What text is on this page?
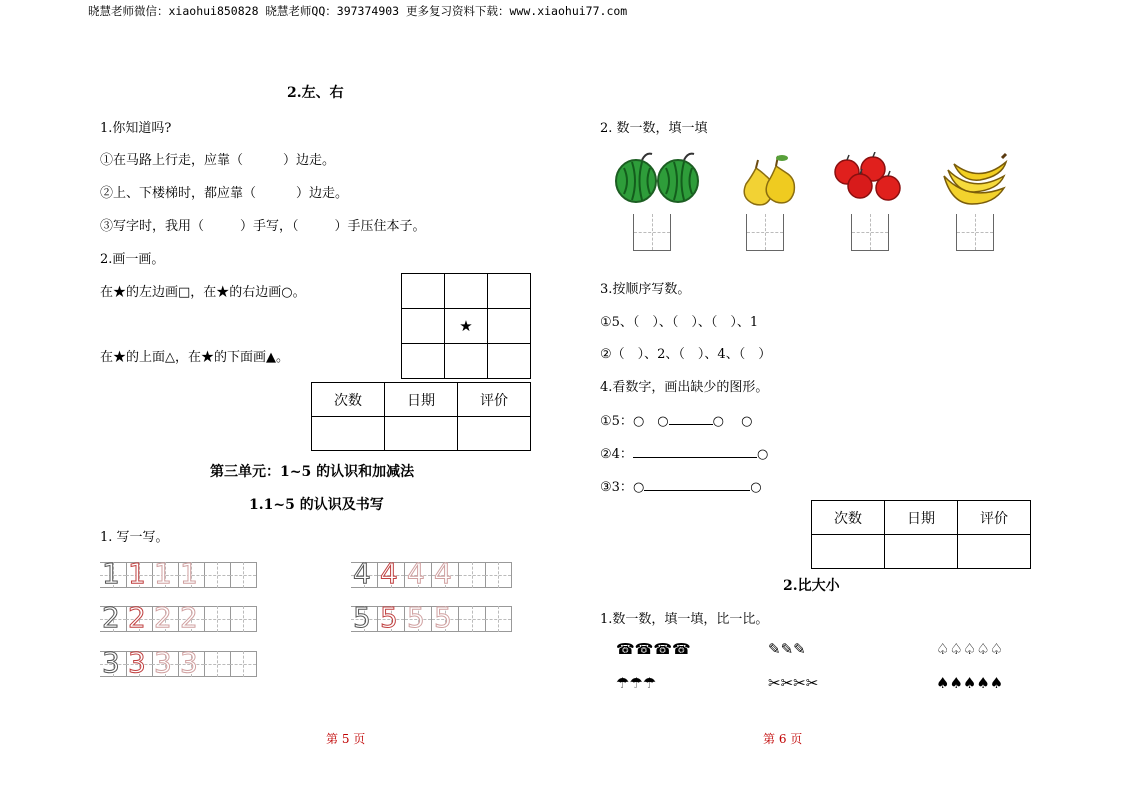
晓慧老师微信：xiaohui850828 晓慧老师QQ：397374903 更多复习资料下载：www.xiaohui77.com
2.左、右
1.你知道吗?
①在马路上行走，应靠（	）边走。
②上、下楼梯时，都应靠（	）边走。
③写字时，我用（	）手写，（	）手压住本子。
2.画一画。
在★的左边画□，在★的右边画○。
在★的上面△，在★的下面画▲。

	★	

次数	日期	评价

第三单元：1~5 的认识和加减法
1.1~5 的认识及书写
1. 写一写。
1 1 1 1
2 2 2 2
3 3 3 3
4 4 4 4
5 5 5 5
第 5 页
2. 数一数，填一填
3.按顺序写数。
①5、（　）、（　）、（　）、1
②（　）、2、（　）、4、（　）
4.看数字，画出缺少的图形。
①5：○　○	○　 ○
②4：	○
③3：○	○
次数	日期	评价

2.比大小
1.数一数，填一填，比一比。
☎☎☎☎	✎✎✎	♤♤♤♤♤
☂☂☂	✂✂✂✂	♠♠♠♠♠
第 6 页
